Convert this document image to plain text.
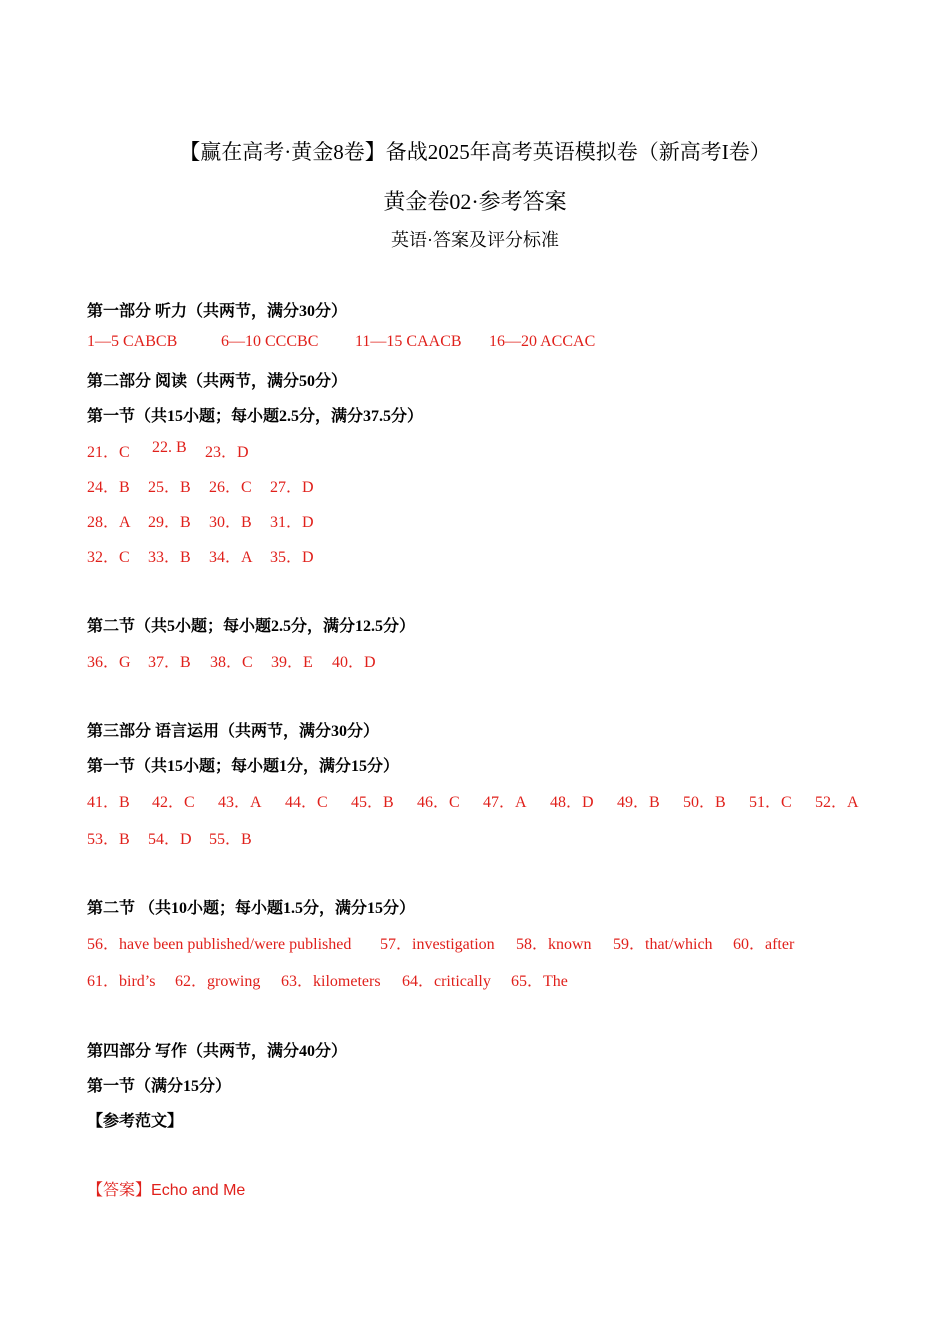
【赢在高考·黄金8卷】备战2025年高考英语模拟卷（新高考I卷）
黄金卷02·参考答案
英语·答案及评分标准
第一部分 听力（共两节，满分30分）
1—5 CABCB	6—10 CCCBC 11—15 CAACB 16—20 ACCAC
第二部分 阅读（共两节，满分50分）
第一节（共15小题；每小题2.5分，满分37.5分）
21．C 22. B 23．D
24．B 25．B 26．C 27．D
28．A 29．B 30．B 31．D
32．C 33．B 34．A 35．D
第二节（共5小题；每小题2.5分，满分12.5分）
36．G 37．B 38．C 39．E 40．D
第三部分 语言运用（共两节，满分30分）
第一节（共15小题；每小题1分，满分15分）
41．B 42．C 43．A 44．C 45．B 46．C 47．A 48．D 49．B 50．B 51．C 52．A
53．B 54．D 55．B
第二节 （共10小题；每小题1.5分，满分15分）
56．have been published/were published 57．investigation 58．known 59．that/which 60．after
61．bird’s 62．growing 63．kilometers 64．critically 65．The
第四部分 写作（共两节，满分40分）
第一节（满分15分）
【参考范文】
【答案】Echo and Me
